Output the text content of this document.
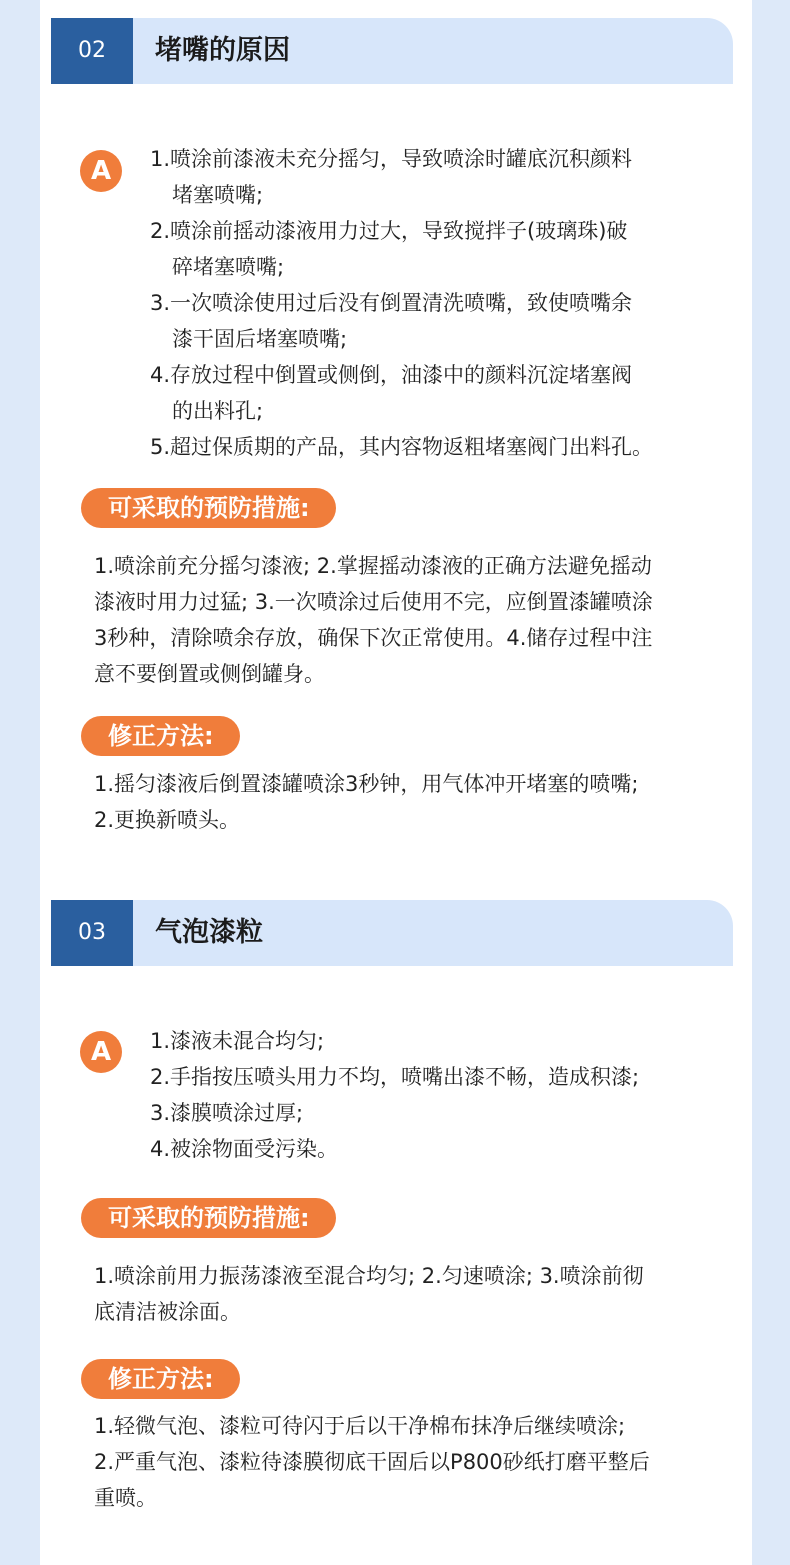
02	堵嘴的原因
A	1.喷涂前漆液未充分摇匀，导致喷涂时罐底沉积颜料
堵塞喷嘴;
2.喷涂前摇动漆液用力过大，导致搅拌子(玻璃珠)破
碎堵塞喷嘴;
3.一次喷涂使用过后没有倒置清洗喷嘴，致使喷嘴余
漆干固后堵塞喷嘴;
4.存放过程中倒置或侧倒，油漆中的颜料沉淀堵塞阀
的出料孔;
5.超过保质期的产品，其内容物返粗堵塞阀门出料孔。
可采取的预防措施:

1.喷涂前充分摇匀漆液; 2.掌握摇动漆液的正确方法避免摇动
漆液时用力过猛; 3.一次喷涂过后使用不完，应倒置漆罐喷涂
3秒种，清除喷余存放，确保下次正常使用。4.储存过程中注
意不要倒置或侧倒罐身。

修正方法:

1.摇匀漆液后倒置漆罐喷涂3秒钟，用气体冲开堵塞的喷嘴;
2.更换新喷头。

03	气泡漆粒
A	1.漆液未混合均匀;
2.手指按压喷头用力不均，喷嘴出漆不畅，造成积漆;
3.漆膜喷涂过厚;
4.被涂物面受污染。
可采取的预防措施:

1.喷涂前用力振荡漆液至混合均匀; 2.匀速喷涂; 3.喷涂前彻
底清洁被涂面。

修正方法:

1.轻微气泡、漆粒可待闪于后以干净棉布抹净后继续喷涂;
2.严重气泡、漆粒待漆膜彻底干固后以P800砂纸打磨平整后
重喷。
